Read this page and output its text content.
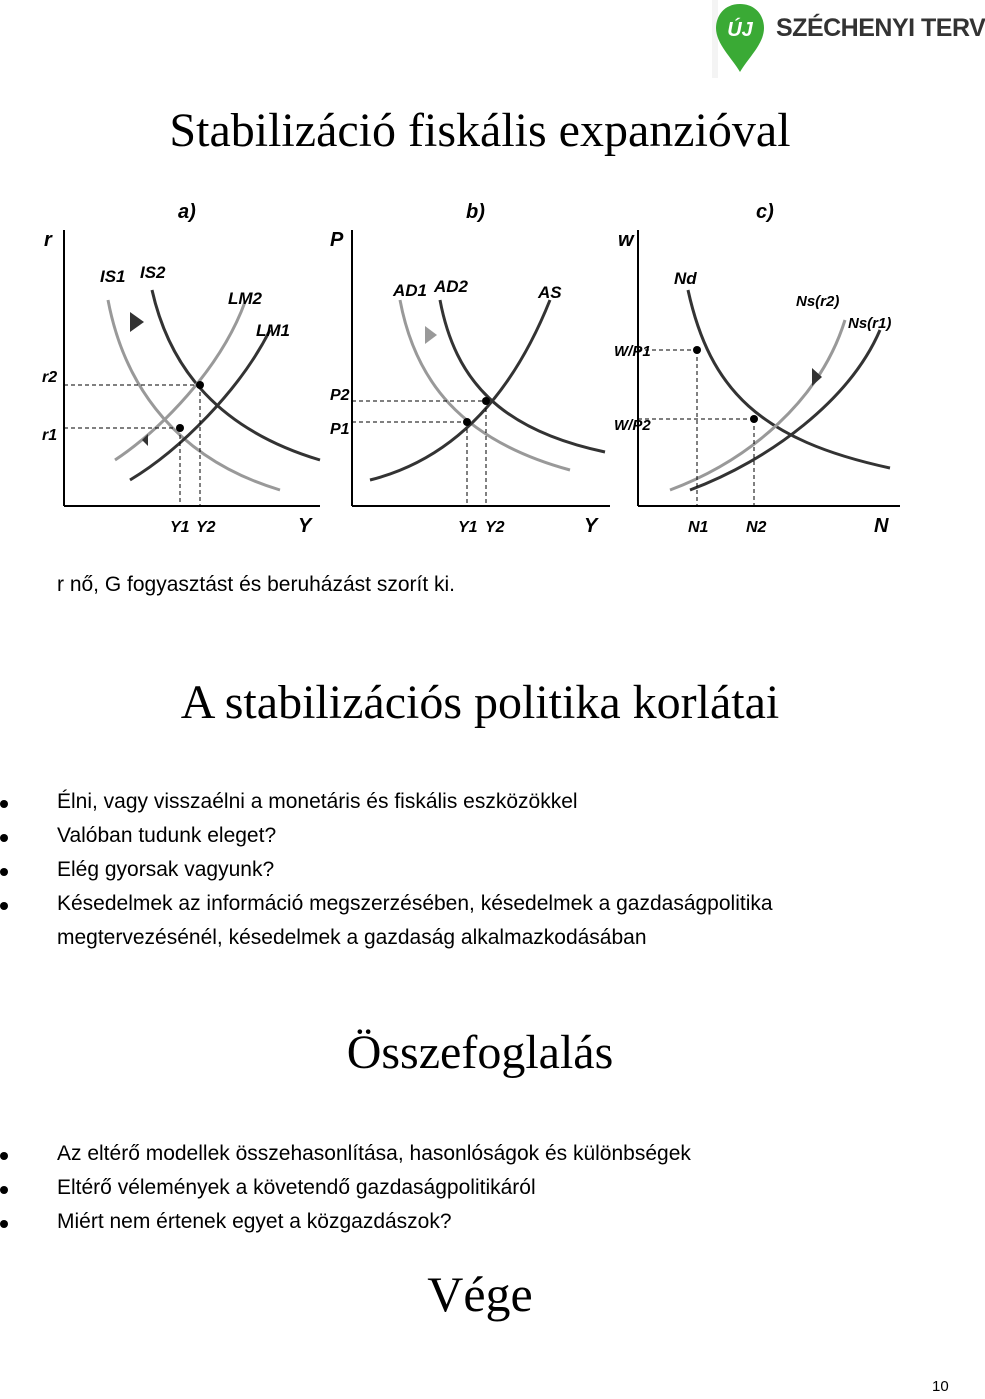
ÚJ SZÉCHENYI TERV
Stabilizáció fiskális expanzióval
a)
r
Y
IS1 IS2
LM2
LM1
r2
r1
Y1 Y2
b)
P
Y
AD1 AD2	AS
P2
P1
Y1 Y2
c)
w
N
Nd
Ns(r2)
Ns(r1)
W/P1
W/P2
N1 N2
r nő, G fogyasztást és beruházást szorít ki.
A stabilizációs politika korlátai
Élni, vagy visszaélni a monetáris és fiskális eszközökkel
Valóban tudunk eleget?
Elég gyorsak vagyunk?
Késedelmek az információ megszerzésében, késedelmek a gazdaságpolitika megtervezésénél, késedelmek a gazdaság alkalmazkodásában
Összefoglalás
Az eltérő modellek összehasonlítása, hasonlóságok és különbségek
Eltérő vélemények a követendő gazdaságpolitikáról
Miért nem értenek egyet a közgazdászok?
Vége
10
